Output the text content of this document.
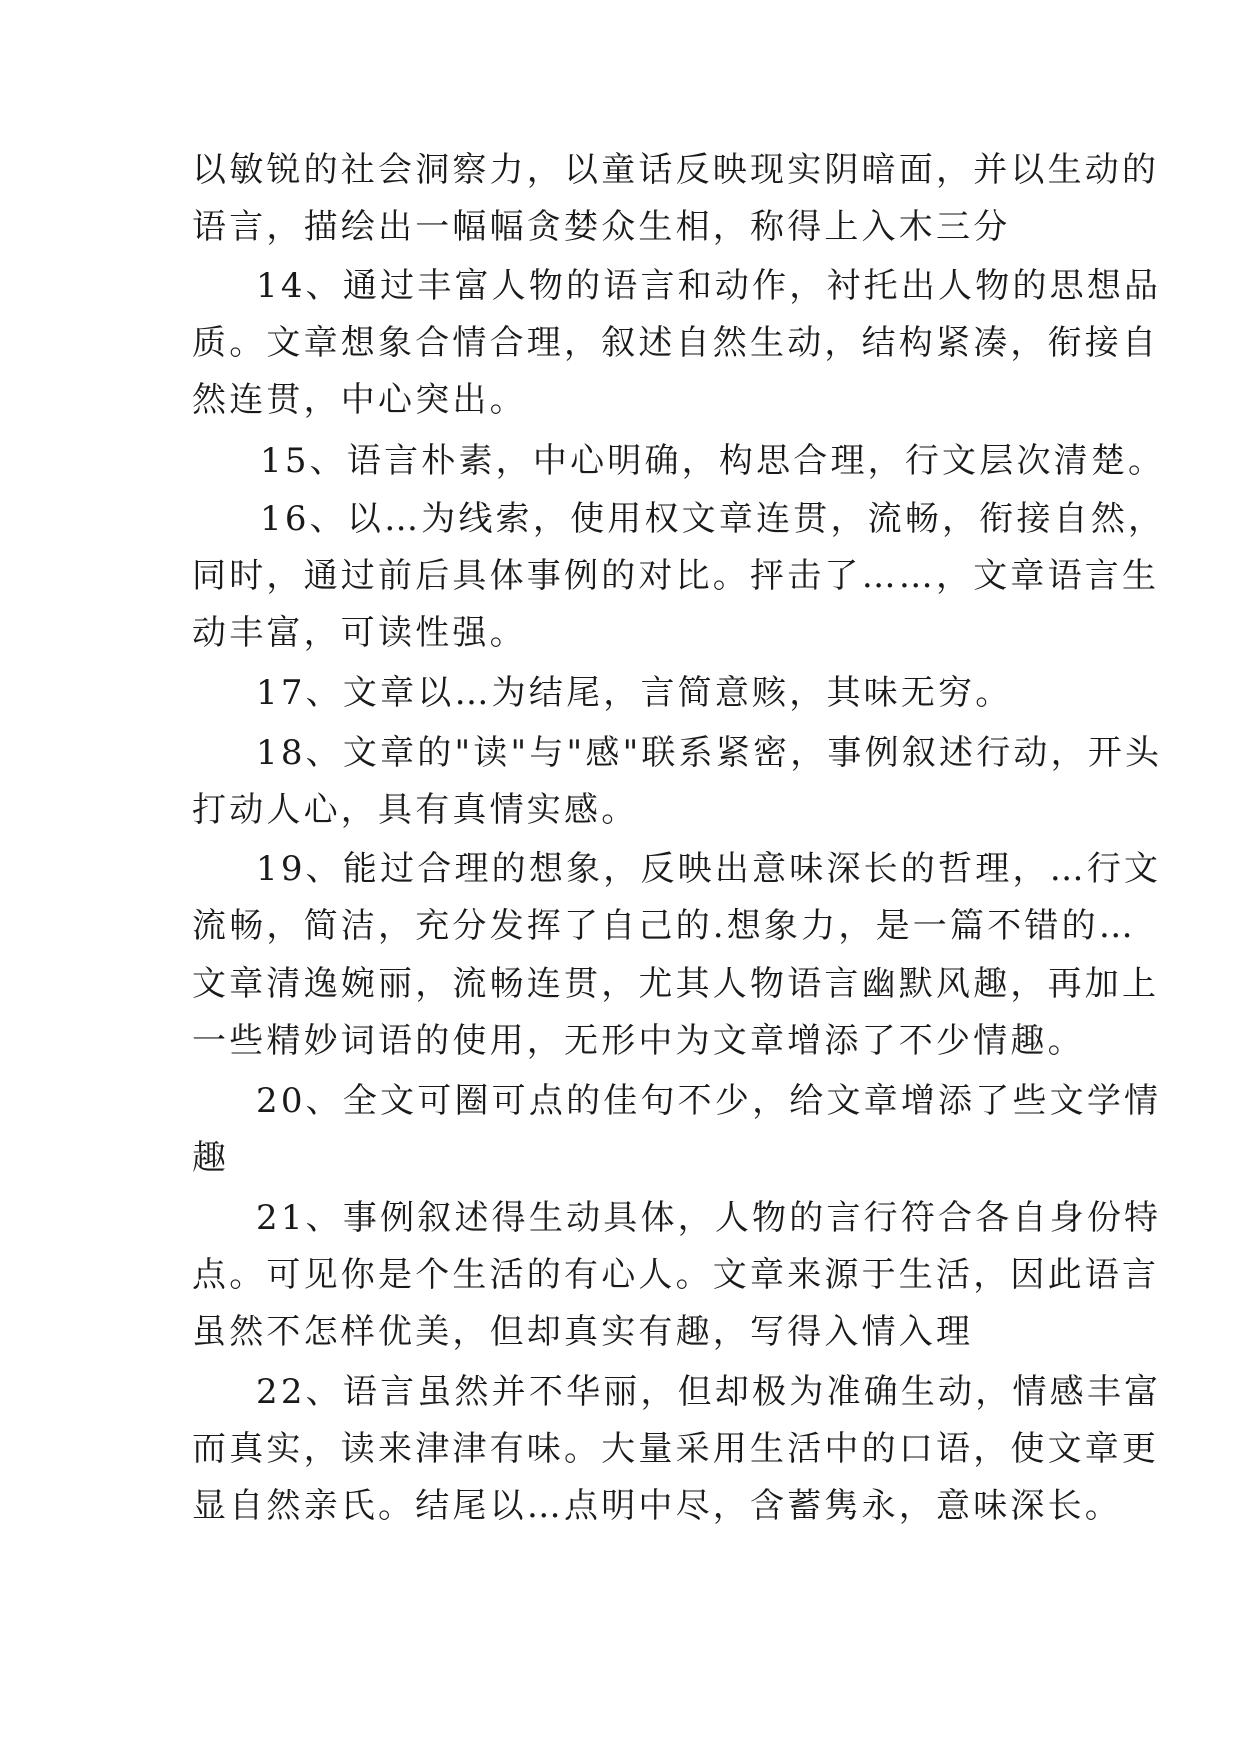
以敏锐的社会洞察力，以童话反映现实阴暗面，并以生动的

语言，描绘出一幅幅贪婪众生相，称得上入木三分

14、通过丰富人物的语言和动作，衬托出人物的思想品

质。文章想象合情合理，叙述自然生动，结构紧凑，衔接自

然连贯，中心突出。

15、语言朴素，中心明确，构思合理，行文层次清楚。

16、以…为线索，使用权文章连贯，流畅，衔接自然，

同时，通过前后具体事例的对比。抨击了……，文章语言生

动丰富，可读性强。

17、文章以…为结尾，言简意赅，其味无穷。

18、文章的"读"与"感"联系紧密，事例叙述行动，开头

打动人心，具有真情实感。

19、能过合理的想象，反映出意味深长的哲理，…行文

流畅，简洁，充分发挥了自己的.想象力，是一篇不错的…

文章清逸婉丽，流畅连贯，尤其人物语言幽默风趣，再加上

一些精妙词语的使用，无形中为文章增添了不少情趣。

20、全文可圈可点的佳句不少，给文章增添了些文学情

趣

21、事例叙述得生动具体，人物的言行符合各自身份特

点。可见你是个生活的有心人。文章来源于生活，因此语言

虽然不怎样优美，但却真实有趣，写得入情入理

22、语言虽然并不华丽，但却极为准确生动，情感丰富

而真实，读来津津有味。大量采用生活中的口语，使文章更

显自然亲氏。结尾以…点明中尽，含蓄隽永，意味深长。
